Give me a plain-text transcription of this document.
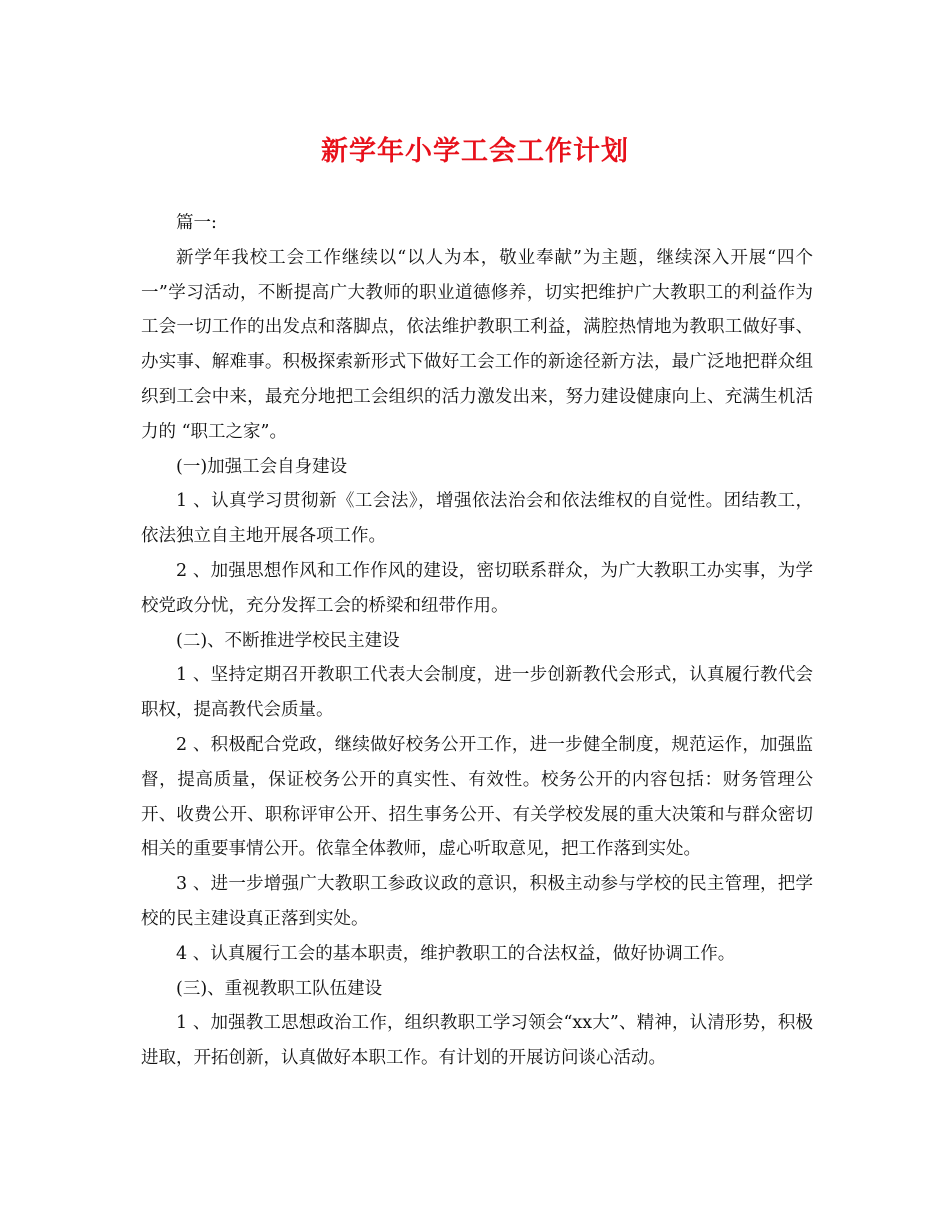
新学年小学工会工作计划

篇一:

新学年我校工会工作继续以“以人为本，敬业奉献”为主题，继续深入开展“四个一”学习活动，不断提高广大教师的职业道德修养，切实把维护广大教职工的利益作为工会一切工作的出发点和落脚点，依法维护教职工利益，满腔热情地为教职工做好事、办实事、解难事。积极探索新形式下做好工会工作的新途径新方法，最广泛地把群众组织到工会中来，最充分地把工会组织的活力激发出来，努力建设健康向上、充满生机活力的 “职工之家”。

(一)加强工会自身建设

1 、认真学习贯彻新《工会法》，增强依法治会和依法维权的自觉性。团结教工，依法独立自主地开展各项工作。

2 、加强思想作风和工作作风的建设，密切联系群众，为广大教职工办实事，为学校党政分忧，充分发挥工会的桥梁和纽带作用。

(二)、不断推进学校民主建设

1 、坚持定期召开教职工代表大会制度，进一步创新教代会形式，认真履行教代会职权，提高教代会质量。

2 、积极配合党政，继续做好校务公开工作，进一步健全制度，规范运作，加强监督，提高质量，保证校务公开的真实性、有效性。校务公开的内容包括：财务管理公开、收费公开、职称评审公开、招生事务公开、有关学校发展的重大决策和与群众密切相关的重要事情公开。依靠全体教师，虚心听取意见，把工作落到实处。

3 、进一步增强广大教职工参政议政的意识，积极主动参与学校的民主管理，把学校的民主建设真正落到实处。

4 、认真履行工会的基本职责，维护教职工的合法权益，做好协调工作。

(三)、重视教职工队伍建设

1 、加强教工思想政治工作，组织教职工学习领会“xx大”、精神，认清形势，积极进取，开拓创新，认真做好本职工作。有计划的开展访问谈心活动。
